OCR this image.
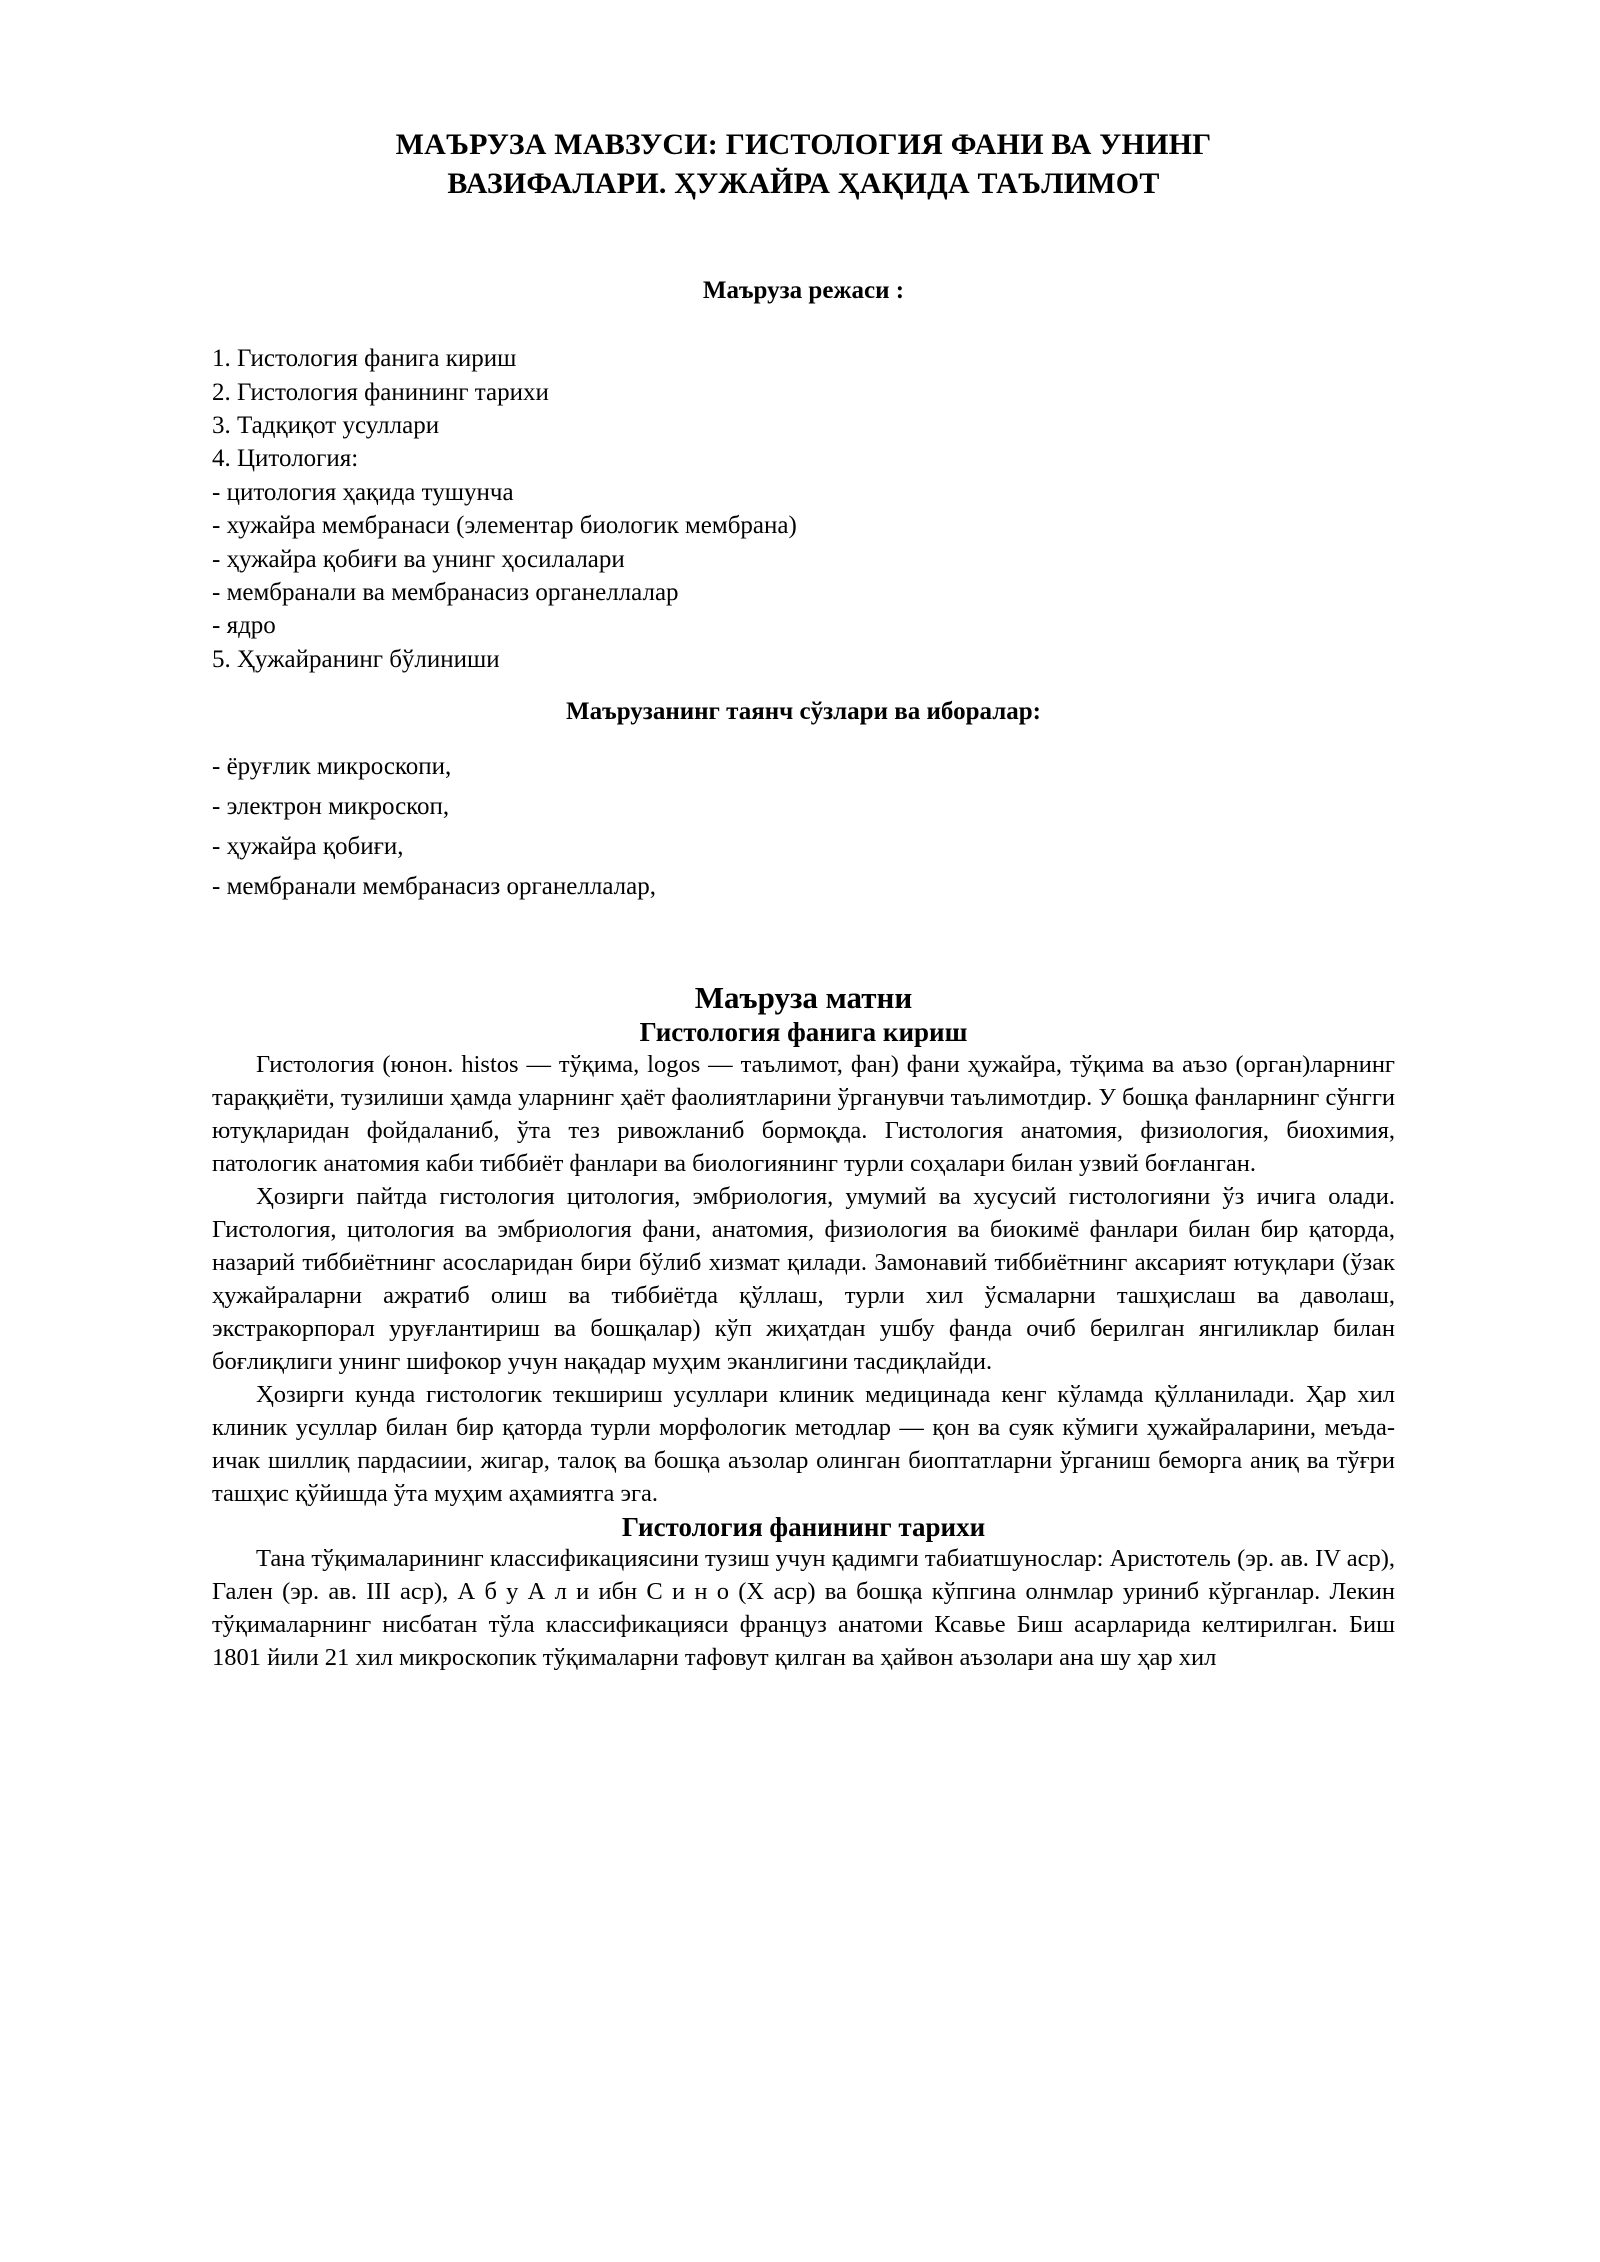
МАЪРУЗА МАВЗУСИ: ГИСТОЛОГИЯ ФАНИ ВА УНИНГ
ВАЗИФАЛАРИ. ҲУЖАЙРА ҲАҚИДА ТАЪЛИМОТ
Маъруза режаси :
1. Гистология фанига кириш
2. Гистология фанининг тарихи
3. Тадқиқот усуллари
4. Цитология:
- цитология ҳақида тушунча
- хужайра мембранаси (элементар биологик мембрана)
- ҳужайра қобиғи ва унинг ҳосилалари
- мембранали ва мембранасиз органеллалар
- ядро
5. Ҳужайранинг бўлиниши
Маърузанинг таянч сўзлари ва иборалар:
- ёруғлик микроскопи,
- электрон микроскоп,
- ҳужайра қобиғи,
- мембранали мембранасиз органеллалар,
Маъруза матни
Гистология фанига кириш

Гистология (юнон. histos — тўқима, logos — таълимот, фан) фани ҳужайра, тўқима ва аъзо (орган)ларнинг тараққиёти, тузилиши ҳамда уларнинг ҳаёт фаолиятларини ўрганувчи таълимотдир. У бошқа фанларнинг сўнгги ютуқларидан фойдаланиб, ўта тез ривожланиб бормоқда. Гистология анатомия, физиология, биохимия, патологик анатомия каби тиббиёт фанлари ва биологиянинг турли соҳалари билан узвий боғланган.

Ҳозирги пайтда гистология цитология, эмбриология, умумий ва хусусий гистологияни ўз ичига олади. Гистология, цитология ва эмбриология фани, анатомия, физиология ва биокимё фанлари билан бир қаторда, назарий тиббиётнинг асосларидан бири бўлиб хизмат қилади. Замонавий тиббиётнинг аксарият ютуқлари (ўзак ҳужайраларни ажратиб олиш ва тиббиётда қўллаш, турли хил ўсмаларни ташҳислаш ва даволаш, экстракорпорал уруғлантириш ва бошқалар) кўп жиҳатдан ушбу фанда очиб берилган янгиликлар билан боғлиқлиги унинг шифокор учун нақадар муҳим эканлигини тасдиқлайди.

Ҳозирги кунда гистологик текшириш усуллари клиник медицинада кенг кўламда қўлланилади. Ҳар хил клиник усуллар билан бир қаторда турли морфологик методлар — қон ва суяк кўмиги ҳужайраларини, меъда-ичак шиллиқ пардасиии, жигар, талоқ ва бошқа аъзолар олинган биоптатларни ўрганиш беморга аниқ ва тўғри ташҳис қўйишда ўта муҳим аҳамиятга эга.

Гистология фанининг тарихи

Тана тўқималарининг классификациясини тузиш учун қадимги табиатшунослар: Аристотель (эр. ав. IV аср), Гален (эр. ав. III аср), А б у А л и ибн С и н о (X аср) ва бошқа кўпгина олнмлар уриниб кўрганлар. Лекин тўқималарнинг нисбатан тўла классификацияси француз анатоми Ксавье Биш асарларида келтирилган. Биш 1801 йили 21 хил микроскопик тўқималарни тафовут қилган ва ҳайвон аъзолари ана шу ҳар хил
